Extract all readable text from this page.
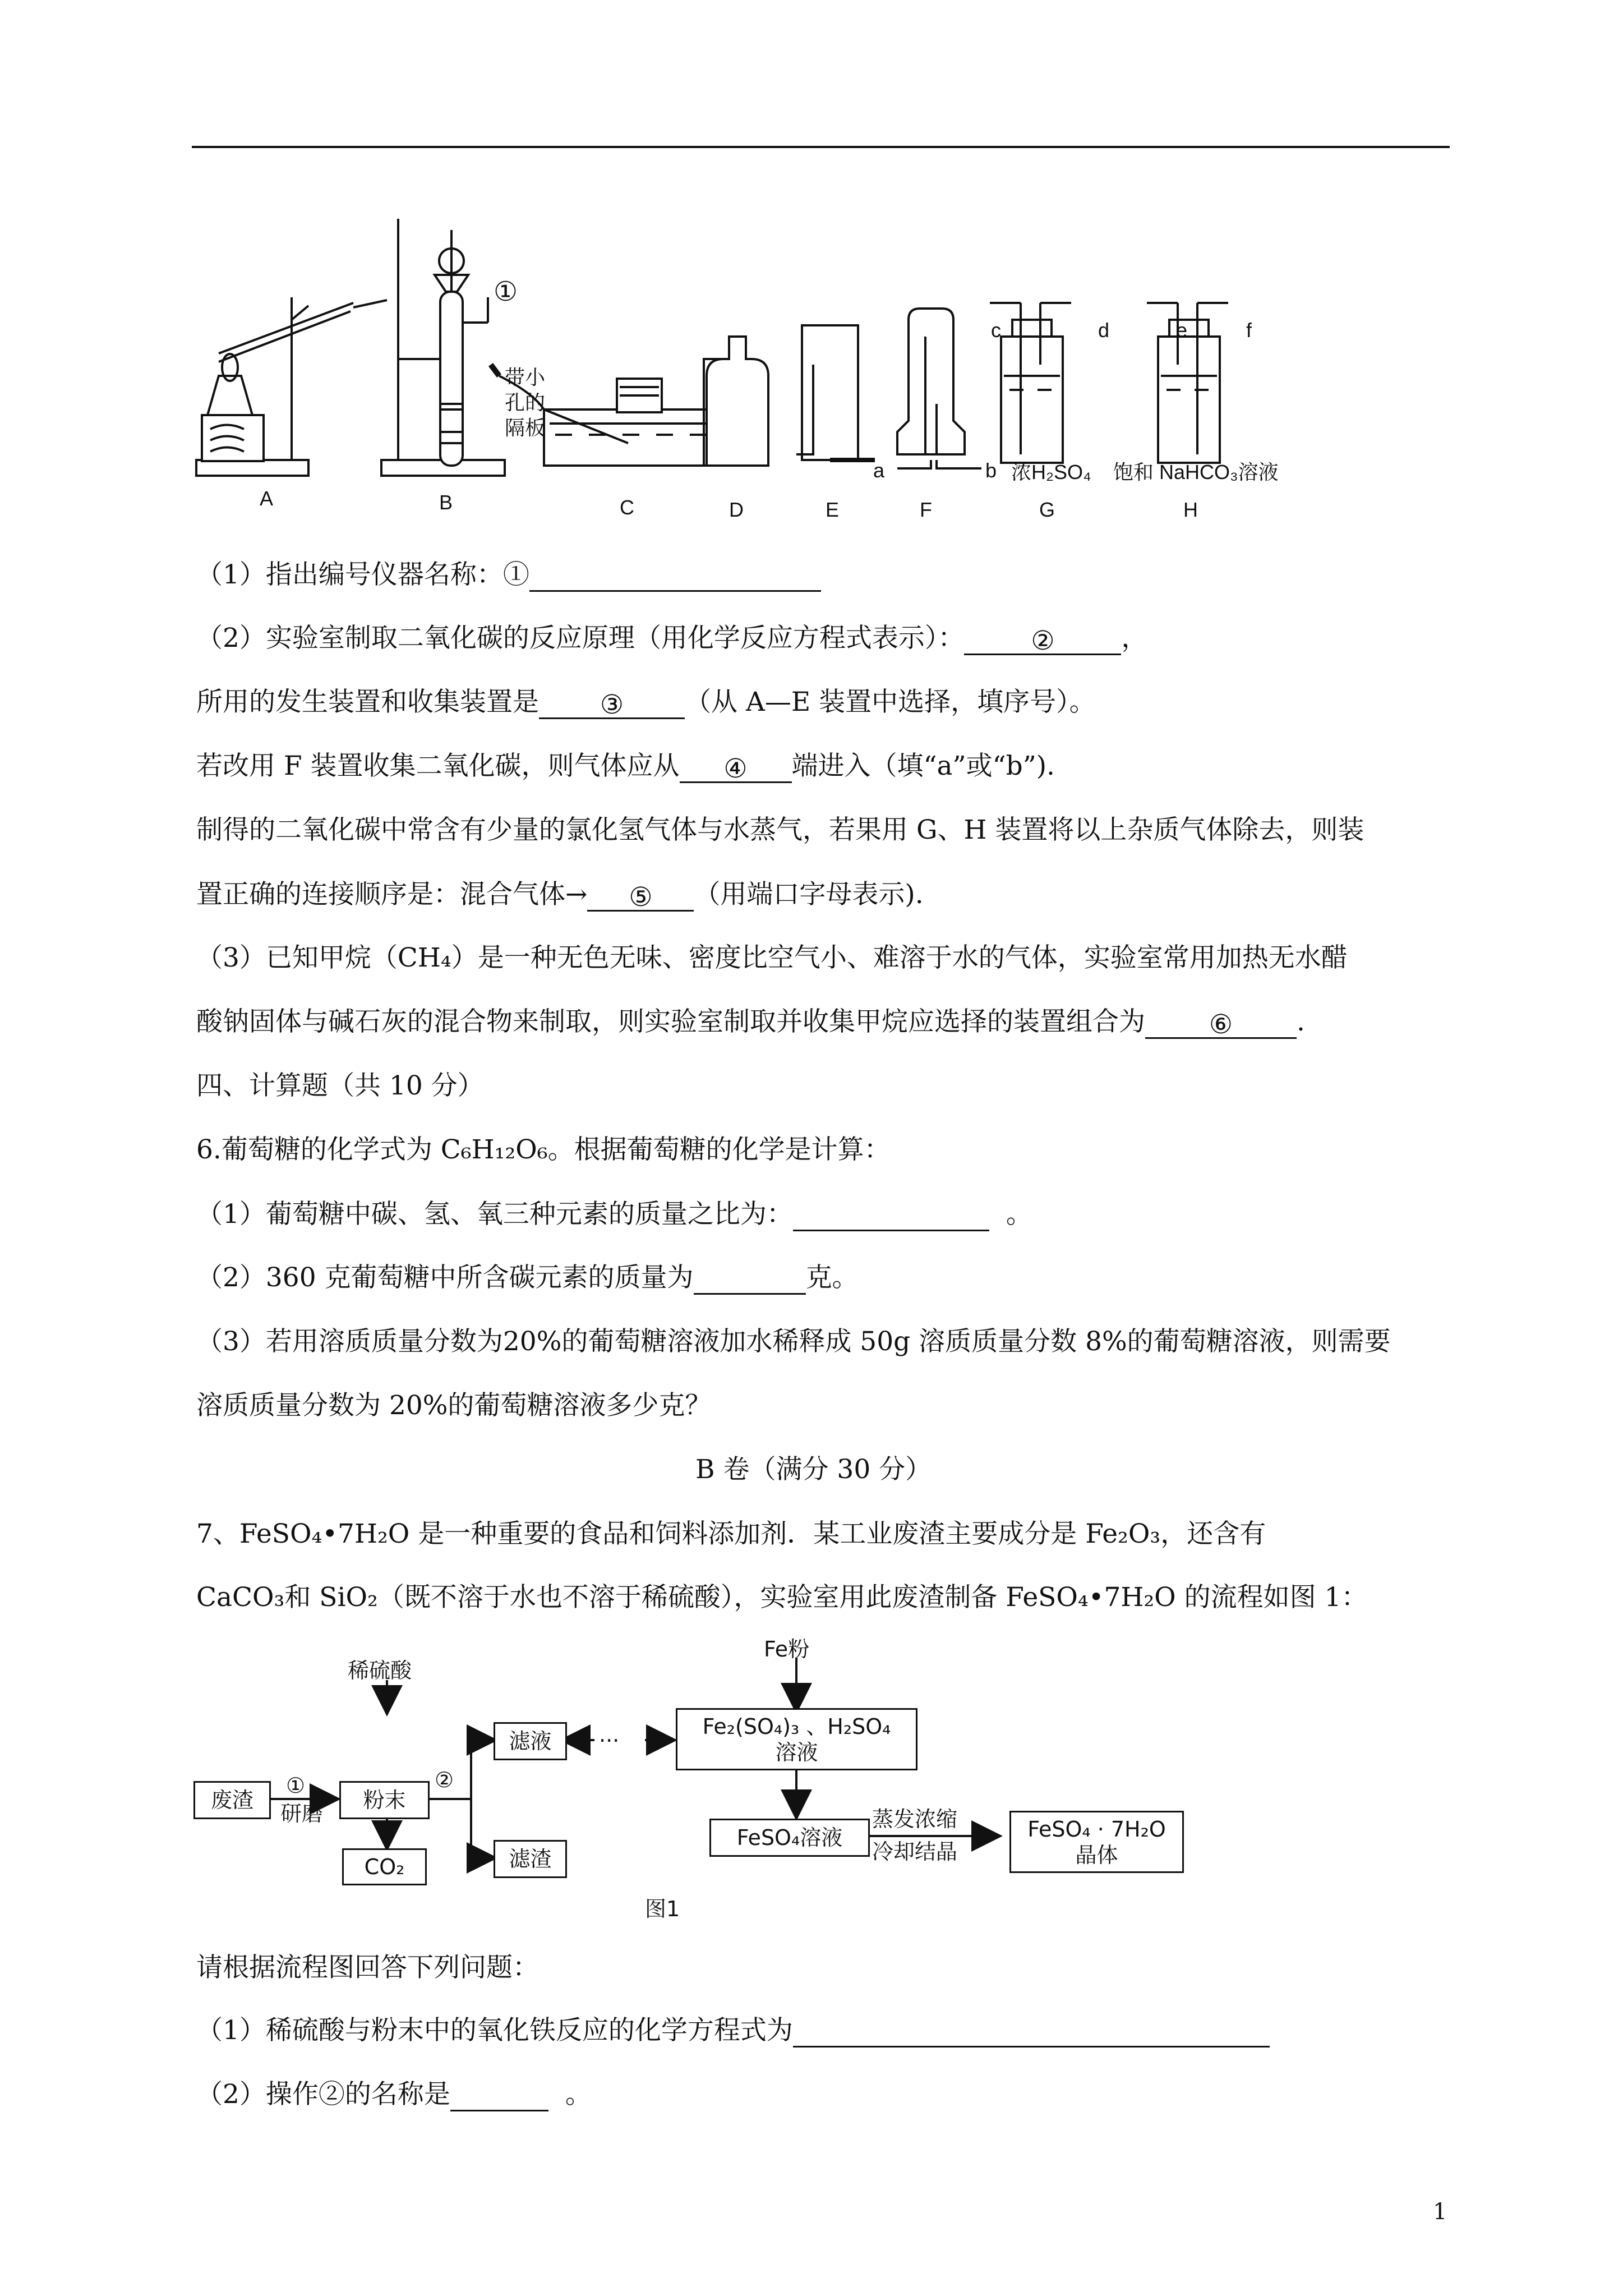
A	B	C	D	E	F	G	H
①
带小
孔的
隔板
a	b
c	d	e	f
浓H₂SO₄ 饱和 NaHCO₃溶液
（1）指出编号仪器名称：①
（2）实验室制取二氧化碳的反应原理（用化学反应方程式表示）：	②	，
所用的发生装置和收集装置是 ③ （从 A—E 装置中选择，填序号）。
若改用 F 装置收集二氧化碳，则气体应从 ④ 端进入（填“a”或“b”).
制得的二氧化碳中常含有少量的氯化氢气体与水蒸气，若果用 G、H 装置将以上杂质气体除去，则装
置正确的连接顺序是：混合气体→ ⑤ （用端口字母表示).
（3）已知甲烷（CH₄）是一种无色无味、密度比空气小、难溶于水的气体，实验室常用加热无水醋
酸钠固体与碱石灰的混合物来制取，则实验室制取并收集甲烷应选择的装置组合为 ⑥ .
四、计算题（共 10 分）
6.葡萄糖的化学式为 C₆H₁₂O₆。根据葡萄糖的化学是计算：
（1）葡萄糖中碳、氢、氧三种元素的质量之比为：	。
（2）360 克葡萄糖中所含碳元素的质量为	克。
（3）若用溶质质量分数为20%的葡萄糖溶液加水稀释成 50g 溶质质量分数 8%的葡萄糖溶液，则需要
溶质质量分数为 20%的葡萄糖溶液多少克？
B 卷（满分 30 分）
7、FeSO₄•7H₂O 是一种重要的食品和饲料添加剂．某工业废渣主要成分是 Fe₂O₃，还含有
CaCO₃和 SiO₂（既不溶于水也不溶于稀硫酸），实验室用此废渣制备 FeSO₄•7H₂O 的流程如图 1：
Fe粉
稀硫酸
废渣
①
研磨
粉末
②
CO₂
滤液	···
滤渣
Fe₂(SO₄)₃ 、H₂SO₄
溶液
FeSO₄溶液
蒸发浓缩
冷却结晶
FeSO₄ · 7H₂O
晶体
图1
请根据流程图回答下列问题：
（1）稀硫酸与粉末中的氧化铁反应的化学方程式为
（2）操作②的名称是	。
1
